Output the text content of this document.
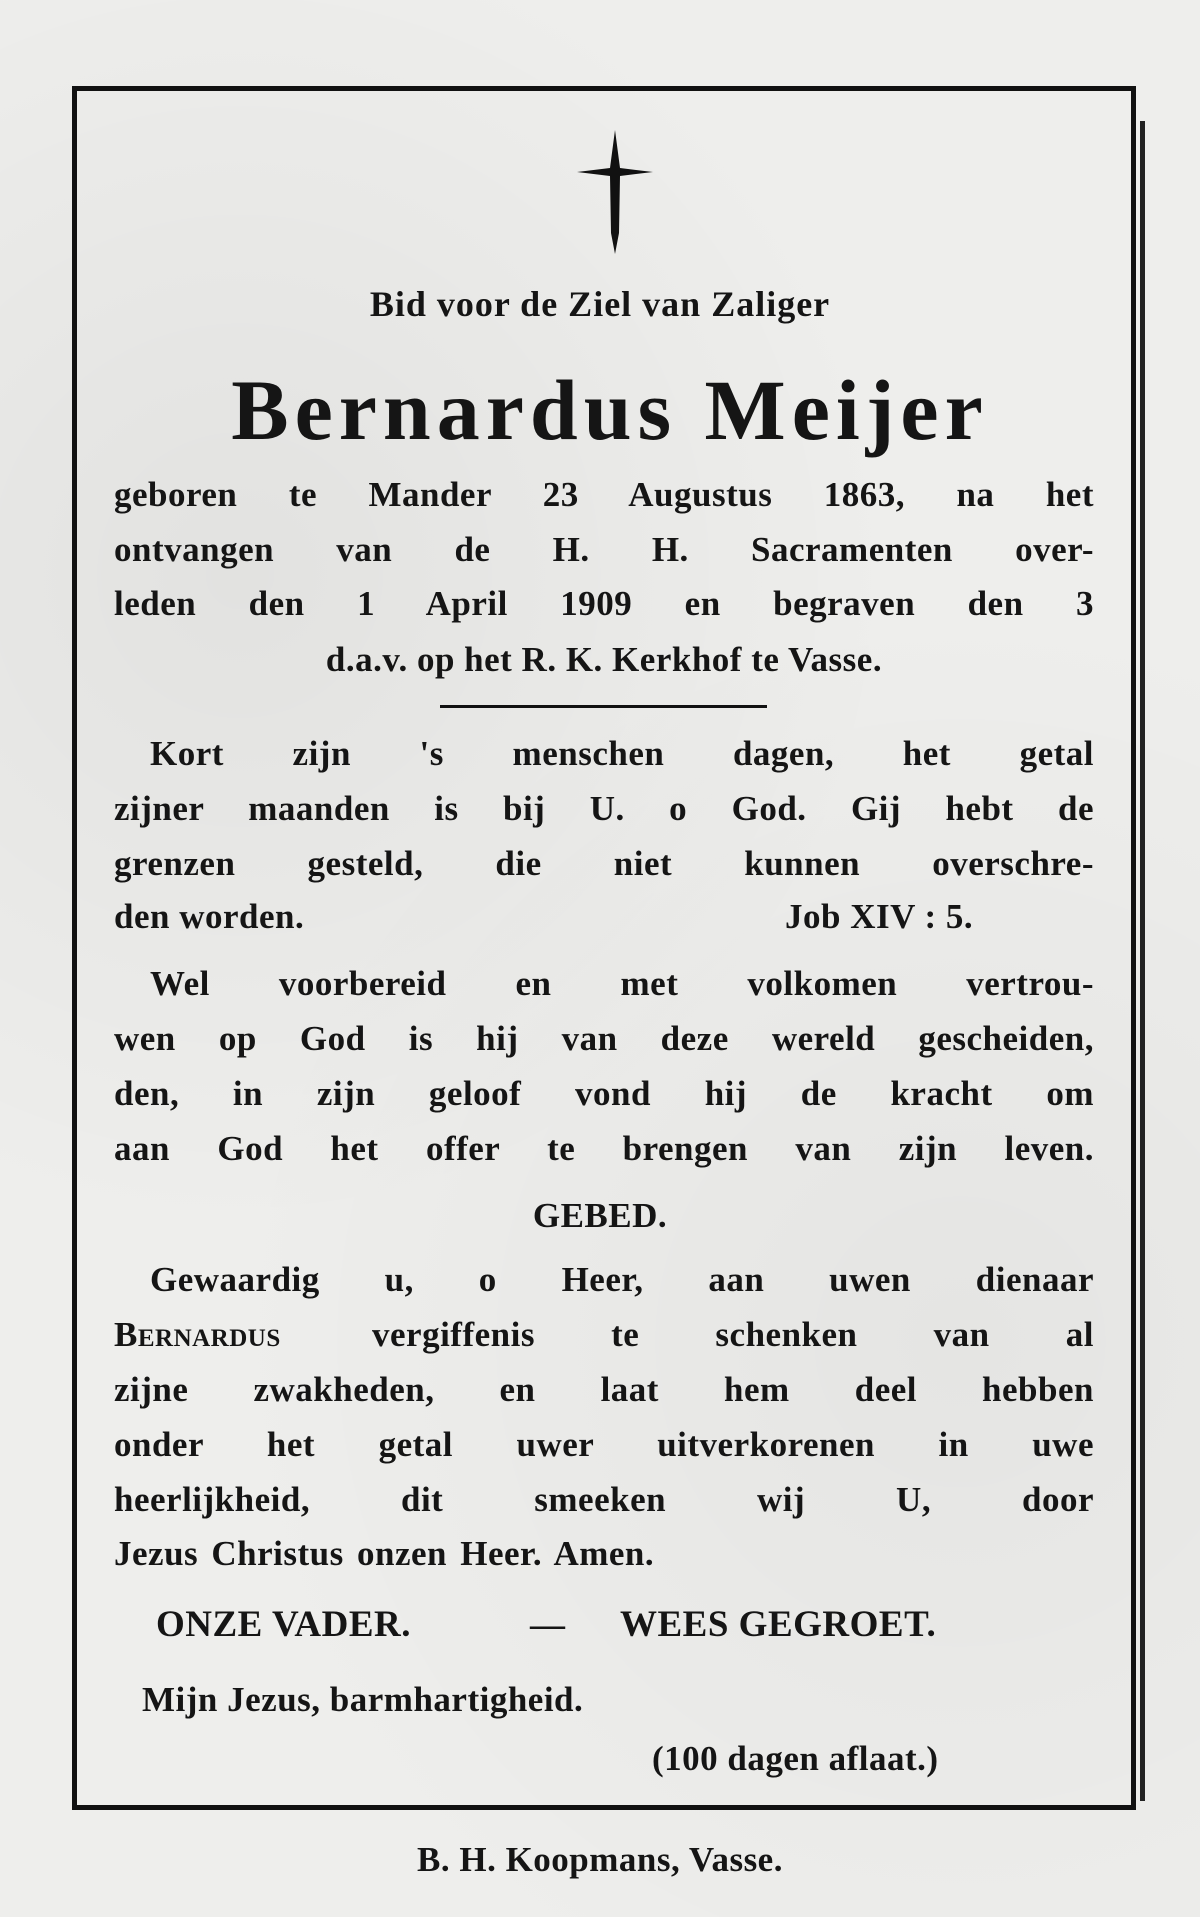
Bid voor de Ziel van Zaliger
Bernardus Meijer
geboren te Mander 23 Augustus 1863, na het
ontvangen van de H. H. Sacramenten over-
leden den 1 April 1909 en begraven den 3
d.a.v. op het R. K. Kerkhof te Vasse.
Kort zijn 's menschen dagen, het getal
zijner maanden is bij U. o God. Gij hebt de
grenzen gesteld, die niet kunnen overschre-
den worden.	Job XIV : 5.
Wel voorbereid en met volkomen vertrou-
wen op God is hij van deze wereld gescheiden,
den, in zijn geloof vond hij de kracht om
aan God het offer te brengen van zijn leven.
GEBED.
Gewaardig u, o Heer, aan uwen dienaar
Bernardus	vergiffenis te schenken van al
zijne zwakheden, en laat hem deel hebben
onder het getal uwer uitverkorenen in uwe
heerlijkheid, dit smeeken wij U, door
Jezus Christus onzen Heer. Amen.
ONZE VADER.	— WEES GEGROET.
Mijn Jezus, barmhartigheid.
(100 dagen aflaat.)
B. H. Koopmans, Vasse.
